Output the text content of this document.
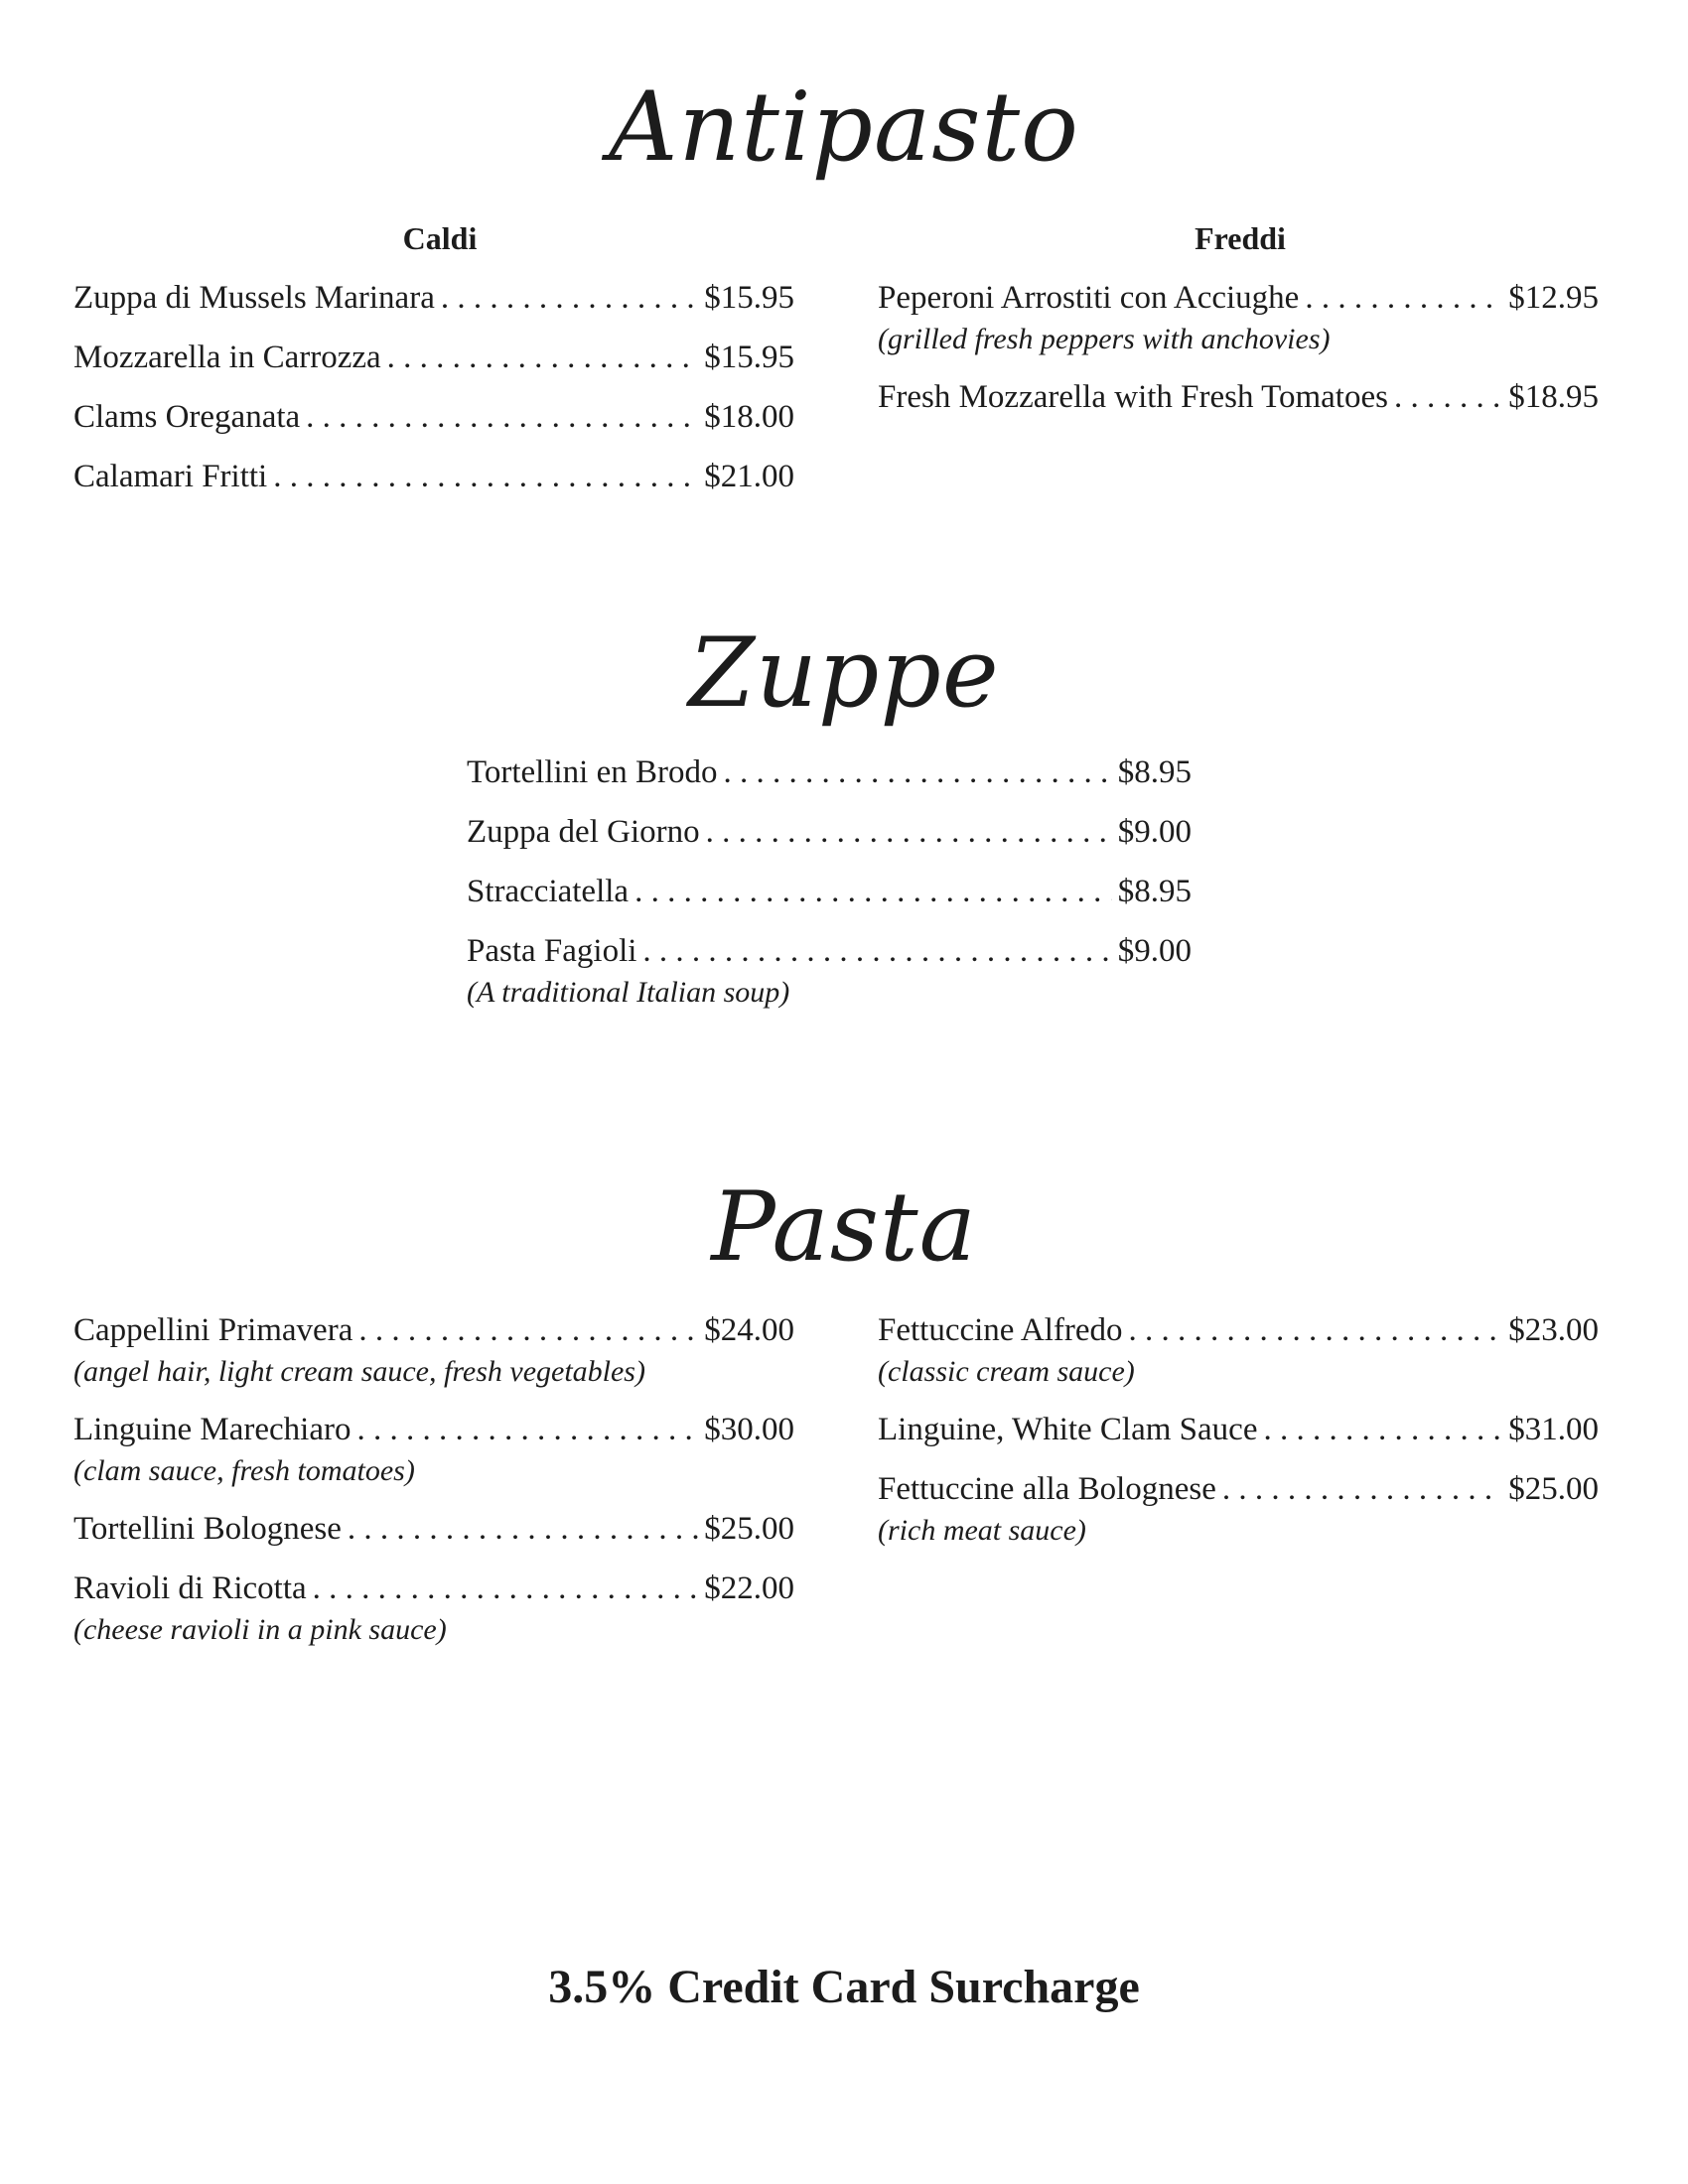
Antipasto
Caldi	Freddi
Zuppa di Mussels Marinara . . .	$15.95
Mozzarella in Carrozza . . .	$15.95
Clams Oreganata . . .	$18.00
Calamari Fritti . . .	$21.00
Peperoni Arrostiti con Acciughe . . .	$12.95
(grilled fresh peppers with anchovies)
Fresh Mozzarella with Fresh Tomatoes . . .	$18.95
Zuppe
Tortellini en Brodo . . .	$8.95
Zuppa del Giorno . . .	$9.00
Stracciatella . . .	$8.95
Pasta Fagioli . . .	$9.00
(A traditional Italian soup)
Pasta
Cappellini Primavera . . .	$24.00
(angel hair, light cream sauce, fresh vegetables)
Linguine Marechiaro . . .	$30.00
(clam sauce, fresh tomatoes)
Tortellini Bolognese . . .	$25.00
Ravioli di Ricotta . . .	$22.00
(cheese ravioli in a pink sauce)
Fettuccine Alfredo . . .	$23.00
(classic cream sauce)
Linguine, White Clam Sauce . . .	$31.00
Fettuccine alla Bolognese . . .	$25.00
(rich meat sauce)
3.5% Credit Card Surcharge
